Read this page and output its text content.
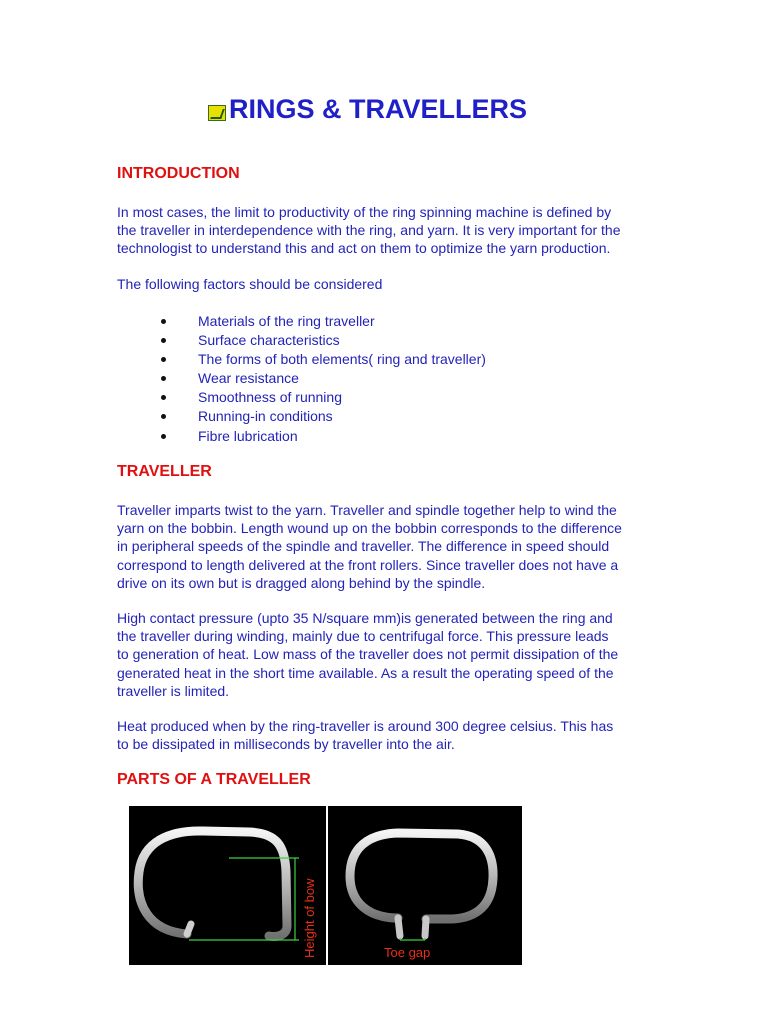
RINGS & TRAVELLERS
INTRODUCTION
In most cases, the limit to productivity of the ring spinning machine is defined by
the traveller in interdependence with the ring, and yarn. It is very important for the
technologist to understand this and act on them to optimize the yarn production.
The following factors should be considered
Materials of the ring traveller
Surface characteristics
The forms of both elements( ring and traveller)
Wear resistance
Smoothness of running
Running-in conditions
Fibre lubrication
TRAVELLER
Traveller imparts twist to the yarn. Traveller and spindle together help to wind the
yarn on the bobbin. Length wound up on the bobbin corresponds to the difference
in peripheral speeds of the spindle and traveller. The difference in speed should
correspond to length delivered at the front rollers. Since traveller does not have a
drive on its own but is dragged along behind by the spindle.
High contact pressure (upto 35 N/square mm)is generated between the ring and
the traveller during winding, mainly due to centrifugal force. This pressure leads
to generation of heat. Low mass of the traveller does not permit dissipation of the
generated heat in the short time available. As a result the operating speed of the
traveller is limited.
Heat produced when by the ring-traveller is around 300 degree celsius. This has
to be dissipated in milliseconds by traveller into the air.
PARTS OF A TRAVELLER
Height of bow	Toe gap
